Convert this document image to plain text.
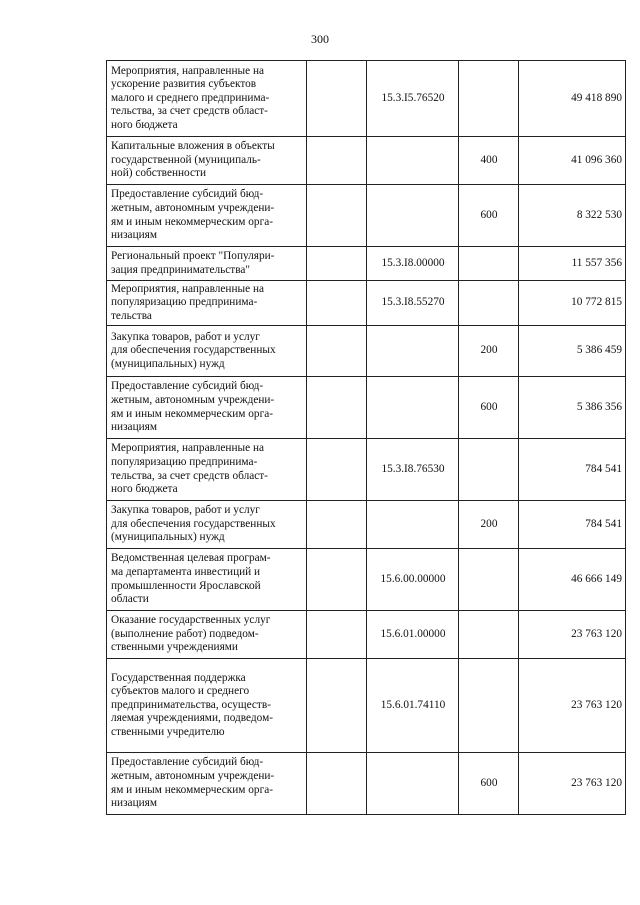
300
Мероприятия, направленные на
ускорение развития субъектов
малого и среднего предпринима-
тельства, за счет средств област-
ного бюджета		15.3.I5.76520		49 418 890
Капитальные вложения в объекты
государственной (муниципаль-
ной) собственности			400	41 096 360
Предоставление субсидий бюд-
жетным, автономным учреждени-
ям и иным некоммерческим орга-
низациям			600	8 322 530
Региональный проект "Популяри-
зация предпринимательства"		15.3.I8.00000		11 557 356
Мероприятия, направленные на
популяризацию предпринима-
тельства		15.3.I8.55270		10 772 815
Закупка товаров, работ и услуг
для обеспечения государственных
(муниципальных) нужд			200	5 386 459
Предоставление субсидий бюд-
жетным, автономным учреждени-
ям и иным некоммерческим орга-
низациям			600	5 386 356
Мероприятия, направленные на
популяризацию предпринима-
тельства, за счет средств област-
ного бюджета		15.3.I8.76530		784 541
Закупка товаров, работ и услуг
для обеспечения государственных
(муниципальных) нужд			200	784 541
Ведомственная целевая програм-
ма департамента инвестиций и
промышленности Ярославской
области		15.6.00.00000		46 666 149
Оказание государственных услуг
(выполнение работ) подведом-
ственными учреждениями		15.6.01.00000		23 763 120
Государственная поддержка
субъектов малого и среднего
предпринимательства, осуществ-
ляемая учреждениями, подведом-
ственными учредителю		15.6.01.74110		23 763 120
Предоставление субсидий бюд-
жетным, автономным учреждени-
ям и иным некоммерческим орга-
низациям			600	23 763 120
